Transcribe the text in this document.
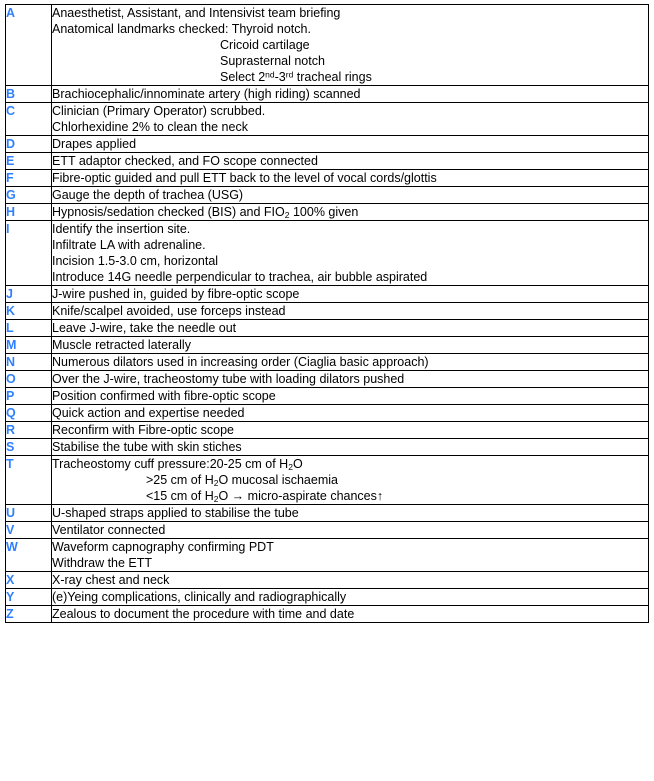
A	Anaesthetist, Assistant, and Intensivist team briefing
Anatomical landmarks checked: Thyroid notch.
Cricoid cartilage
Suprasternal notch
Select 2nd-3rd tracheal rings

B	Brachiocephalic/innominate artery (high riding) scanned

C	Clinician (Primary Operator) scrubbed.
Chlorhexidine 2% to clean the neck

D	Drapes applied

E	ETT adaptor checked, and FO scope connected

F	Fibre-optic guided and pull ETT back to the level of vocal cords/glottis

G	Gauge the depth of trachea (USG)

H	Hypnosis/sedation checked (BIS) and $FIO_2$ 100% given

I	Identify the insertion site.
Infiltrate LA with adrenaline.
Incision 1.5-3.0 cm, horizontal
Introduce 14G needle perpendicular to trachea, air bubble aspirated

J	J-wire pushed in, guided by fibre-optic scope

K	Knife/scalpel avoided, use forceps instead

L	Leave J-wire, take the needle out

M	Muscle retracted laterally

N	Numerous dilators used in increasing order (Ciaglia basic approach)

O	Over the J-wire, tracheostomy tube with loading dilators pushed

P	Position confirmed with fibre-optic scope

Q	Quick action and expertise needed

R	Reconfirm with Fibre-optic scope

S	Stabilise the tube with skin stiches

T	Tracheostomy cuff pressure:20-25 cm of $H_2O$
>25 cm of $H_2O$ mucosal ischaemia
<15 cm of $H_2O$ → micro-aspirate chances↑

U	U-shaped straps applied to stabilise the tube

V	Ventilator connected

W	Waveform capnography confirming PDT
Withdraw the ETT

X	X-ray chest and neck

Y	(e)Yeing complications, clinically and radiographically

Z	Zealous to document the procedure with time and date
